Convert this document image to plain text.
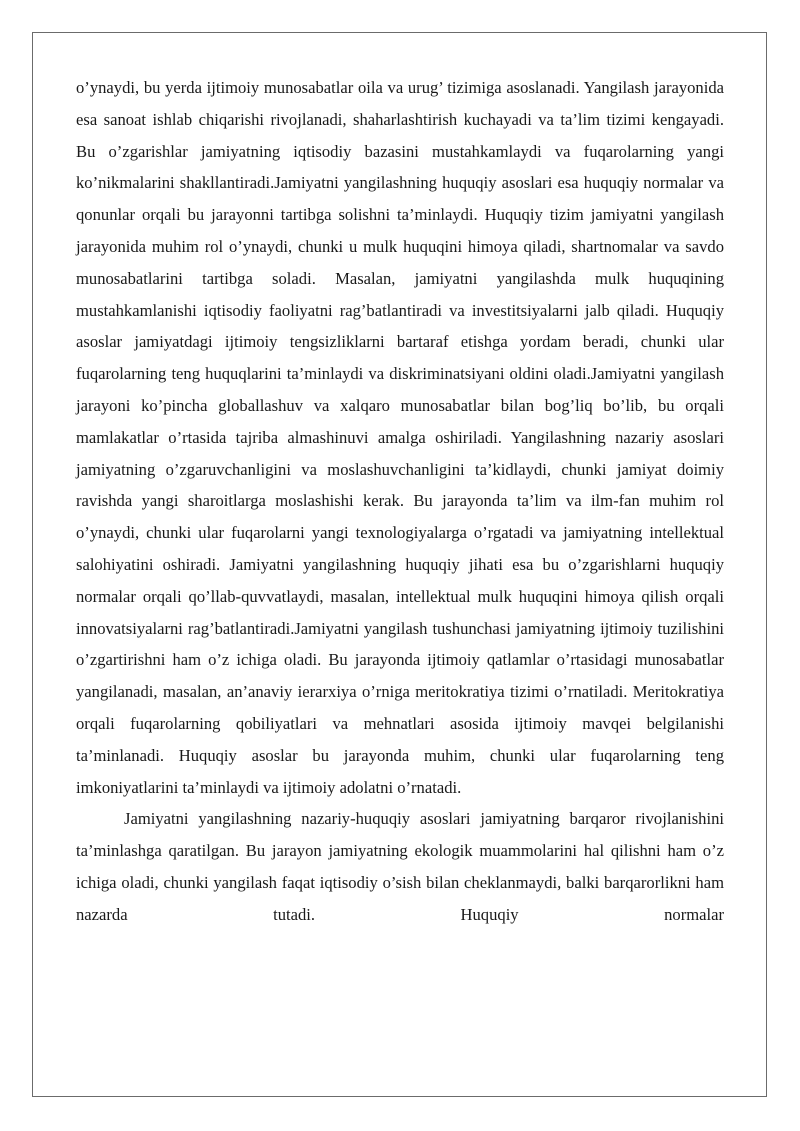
o’ynaydi, bu yerda ijtimoiy munosabatlar oila va urug’ tizimiga asoslanadi. Yangilash jarayonida esa sanoat ishlab chiqarishi rivojlanadi, shaharlashtirish kuchayadi va ta’lim tizimi kengayadi. Bu o’zgarishlar jamiyatning iqtisodiy bazasini mustahkamlaydi va fuqarolarning yangi ko’nikmalarini shakllantiradi.Jamiyatni yangilashning huquqiy asoslari esa huquqiy normalar va qonunlar orqali bu jarayonni tartibga solishni ta’minlaydi. Huquqiy tizim jamiyatni yangilash jarayonida muhim rol o’ynaydi, chunki u mulk huquqini himoya qiladi, shartnomalar va savdo munosabatlarini tartibga soladi. Masalan, jamiyatni yangilashda mulk huquqining mustahkamlanishi iqtisodiy faoliyatni rag’batlantiradi va investitsiyalarni jalb qiladi. Huquqiy asoslar jamiyatdagi ijtimoiy tengsizliklarni bartaraf etishga yordam beradi, chunki ular fuqarolarning teng huquqlarini ta’minlaydi va diskriminatsiyani oldini oladi.Jamiyatni yangilash jarayoni ko’pincha globallashuv va xalqaro munosabatlar bilan bog’liq bo’lib, bu orqali mamlakatlar o’rtasida tajriba almashinuvi amalga oshiriladi. Yangilashning nazariy asoslari jamiyatning o’zgaruvchanligini va moslashuvchanligini ta’kidlaydi, chunki jamiyat doimiy ravishda yangi sharoitlarga moslashishi kerak. Bu jarayonda ta’lim va ilm-fan muhim rol o’ynaydi, chunki ular fuqarolarni yangi texnologiyalarga o’rgatadi va jamiyatning intellektual salohiyatini oshiradi. Jamiyatni yangilashning huquqiy jihati esa bu o’zgarishlarni huquqiy normalar orqali qo’llab-quvvatlaydi, masalan, intellektual mulk huquqini himoya qilish orqali innovatsiyalarni rag’batlantiradi.Jamiyatni yangilash tushunchasi jamiyatning ijtimoiy tuzilishini o’zgartirishni ham o’z ichiga oladi. Bu jarayonda ijtimoiy qatlamlar o’rtasidagi munosabatlar yangilanadi, masalan, an’anaviy ierarxiya o’rniga meritokratiya tizimi o’rnatiladi. Meritokratiya orqali fuqarolarning qobiliyatlari va mehnatlari asosida ijtimoiy mavqei belgilanishi ta’minlanadi. Huquqiy asoslar bu jarayonda muhim, chunki ular fuqarolarning teng imkoniyatlarini ta’minlaydi va ijtimoiy adolatni o’rnatadi.

Jamiyatni yangilashning nazariy-huquqiy asoslari jamiyatning barqaror rivojlanishini ta’minlashga qaratilgan. Bu jarayon jamiyatning ekologik muammolarini hal qilishni ham o’z ichiga oladi, chunki yangilash faqat iqtisodiy o’sish bilan cheklanmaydi, balki barqarorlikni ham nazarda tutadi. Huquqiy normalar
